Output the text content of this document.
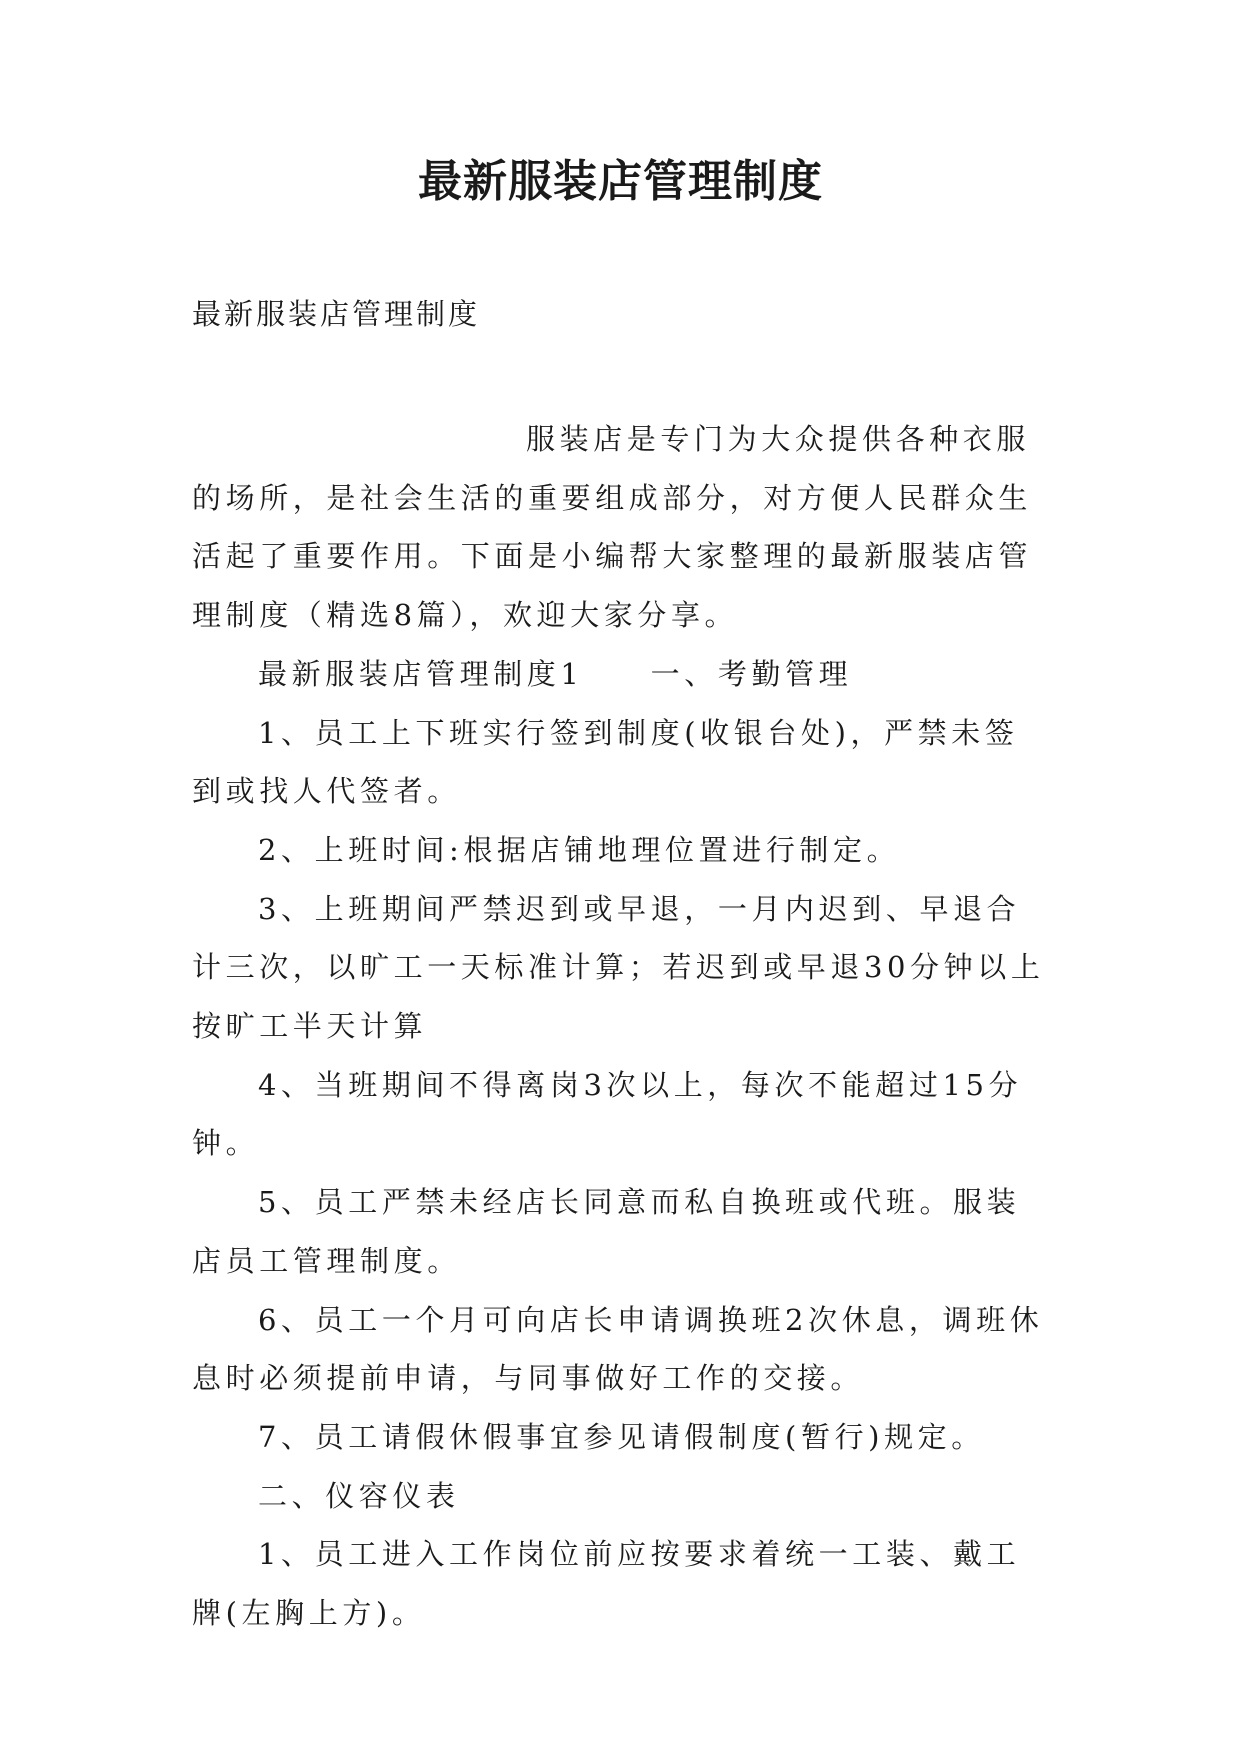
最新服装店管理制度
最新服装店管理制度

服装店是专门为大众提供各种衣服的场所，是社会生活的重要组成部分，对方便人民群众生活起了重要作用。下面是小编帮大家整理的最新服装店管理制度（精选8篇），欢迎大家分享。

最新服装店管理制度1　　一、考勤管理

1、员工上下班实行签到制度(收银台处)，严禁未签到或找人代签者。

2、上班时间:根据店铺地理位置进行制定。

3、上班期间严禁迟到或早退，一月内迟到、早退合计三次，以旷工一天标准计算；若迟到或早退30分钟以上按旷工半天计算

4、当班期间不得离岗3次以上，每次不能超过15分钟。

5、员工严禁未经店长同意而私自换班或代班。服装店员工管理制度。

6、员工一个月可向店长申请调换班2次休息，调班休息时必须提前申请，与同事做好工作的交接。

7、员工请假休假事宜参见请假制度(暂行)规定。

二、仪容仪表

1、员工进入工作岗位前应按要求着统一工装、戴工牌(左胸上方)。
